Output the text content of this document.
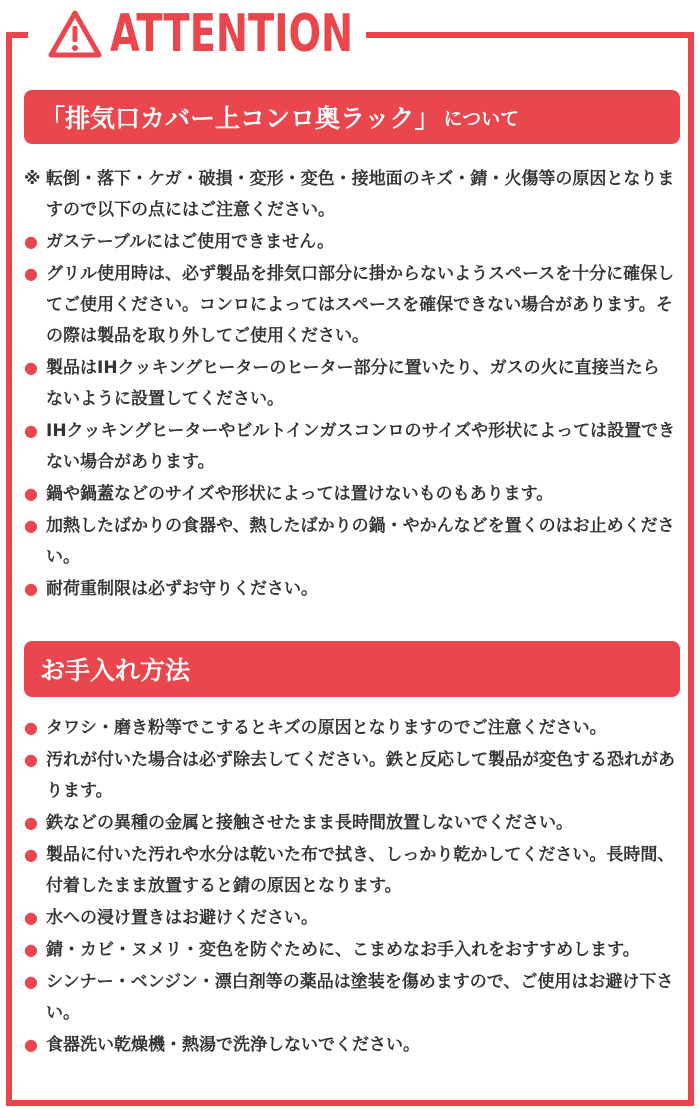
ATTENTION
「排気口カバー上コンロ奥ラック」 について
※ 転倒・落下・ケガ・破損・変形・変色・接地面のキズ・錆・火傷等の原因となりますので以下の点にはご注意ください。
● ガステーブルにはご使用できません。
● グリル使用時は、必ず製品を排気口部分に掛からないようスペースを十分に確保してご使用ください。コンロによってはスペースを確保できない場合があります。その際は製品を取り外してご使用ください。
● 製品はIHクッキングヒーターのヒーター部分に置いたり、ガスの火に直接当たらないように設置してください。
● IHクッキングヒーターやビルトインガスコンロのサイズや形状によっては設置できない場合があります。
● 鍋や鍋蓋などのサイズや形状によっては置けないものもあります。
● 加熱したばかりの食器や、熱したばかりの鍋・やかんなどを置くのはお止めください。
● 耐荷重制限は必ずお守りください。
お手入れ方法
● タワシ・磨き粉等でこするとキズの原因となりますのでご注意ください。
● 汚れが付いた場合は必ず除去してください。鉄と反応して製品が変色する恐れがあります。
● 鉄などの異種の金属と接触させたまま長時間放置しないでください。
● 製品に付いた汚れや水分は乾いた布で拭き、しっかり乾かしてください。長時間、付着したまま放置すると錆の原因となります。
● 水への浸け置きはお避けください。
● 錆・カビ・ヌメリ・変色を防ぐために、こまめなお手入れをおすすめします。
● シンナー・ベンジン・漂白剤等の薬品は塗装を傷めますので、ご使用はお避け下さい。
● 食器洗い乾燥機・熱湯で洗浄しないでください。
